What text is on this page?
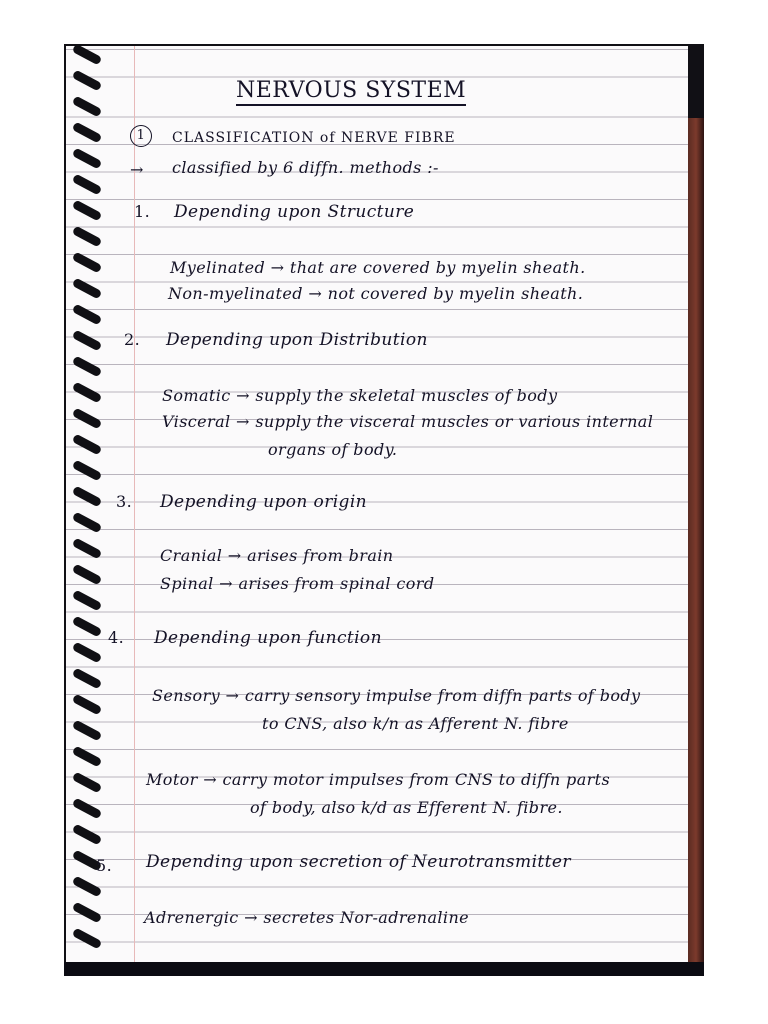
NERVOUS SYSTEM
1	CLASSIFICATION of NERVE FIBRE
→ classified by 6 diffn. methods :-
1. Depending upon Structure
Myelinated → that are covered by myelin sheath.
Non-myelinated → not covered by myelin sheath.
2. Depending upon Distribution
Somatic → supply the skeletal muscles of body
Visceral → supply the visceral muscles or various internal
organs of body.
3. Depending upon origin
Cranial → arises from brain
Spinal → arises from spinal cord
4. Depending upon function
Sensory → carry sensory impulse from diffn parts of body
to CNS, also k/n as Afferent N. fibre
Motor → carry motor impulses from CNS to diffn parts
of body, also k/d as Efferent N. fibre.
5. Depending upon secretion of Neurotransmitter
Adrenergic → secretes Nor-adrenaline
